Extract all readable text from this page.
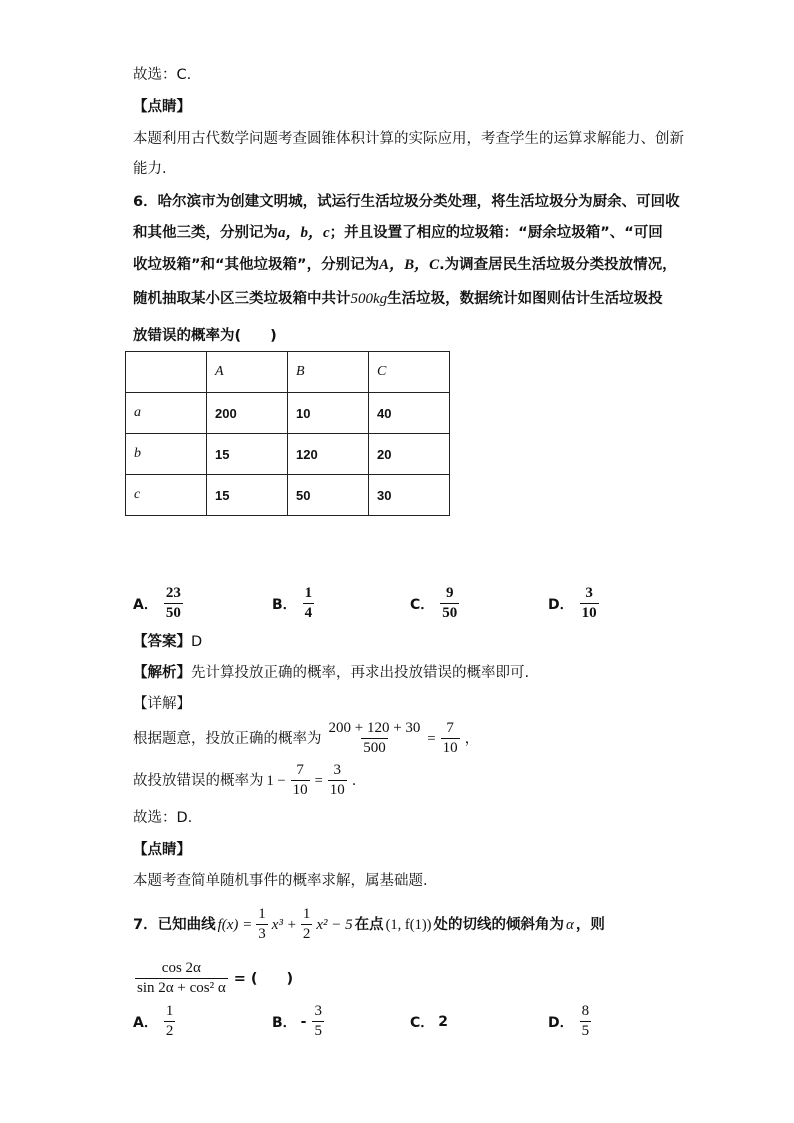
故选：C.
【点睛】
本题利用古代数学问题考查圆锥体积计算的实际应用，考查学生的运算求解能力、创新
能力.
6．哈尔滨市为创建文明城，试运行生活垃圾分类处理，将生活垃圾分为厨余、可回收
和其他三类，分别记为a，b，c；并且设置了相应的垃圾箱：“厨余垃圾箱”、“可回
收垃圾箱”和“其他垃圾箱”，分别记为A，B，C.为调查居民生活垃圾分类投放情况，
随机抽取某小区三类垃圾箱中共计500kg生活垃圾，数据统计如图则估计生活垃圾投
放错误的概率为(　　)
	A	B	C
a	200	10	40
b	15	120	20
c	15	50	30
A． $\frac{23}{50}$	B． $\frac{1}{4}$	C． $\frac{9}{50}$	D． $\frac{3}{10}$
【答案】D
【解析】先计算投放正确的概率，再求出投放错误的概率即可.
【详解】
根据题意，投放正确的概率为 $\frac{200 + 120 + 30}{500} = \frac{7}{10}$ ，
故投放错误的概率为 $1 - \frac{7}{10} = \frac{3}{10}$ .
故选：D.
【点睛】
本题考查简单随机事件的概率求解，属基础题.
7．已知曲线 $f(x) = \frac{1}{3} x^3 + \frac{1}{2} x^2 - 5$ 在点 (1, f(1)) 处的切线的倾斜角为 α ，则
$\frac{\cos 2\alpha}{\text{sin 2α + cos² α}}$ = (　　)
A． $\frac{1}{2}$	B． - $\frac{3}{5}$	C． 2	D． $\frac{8}{5}$
